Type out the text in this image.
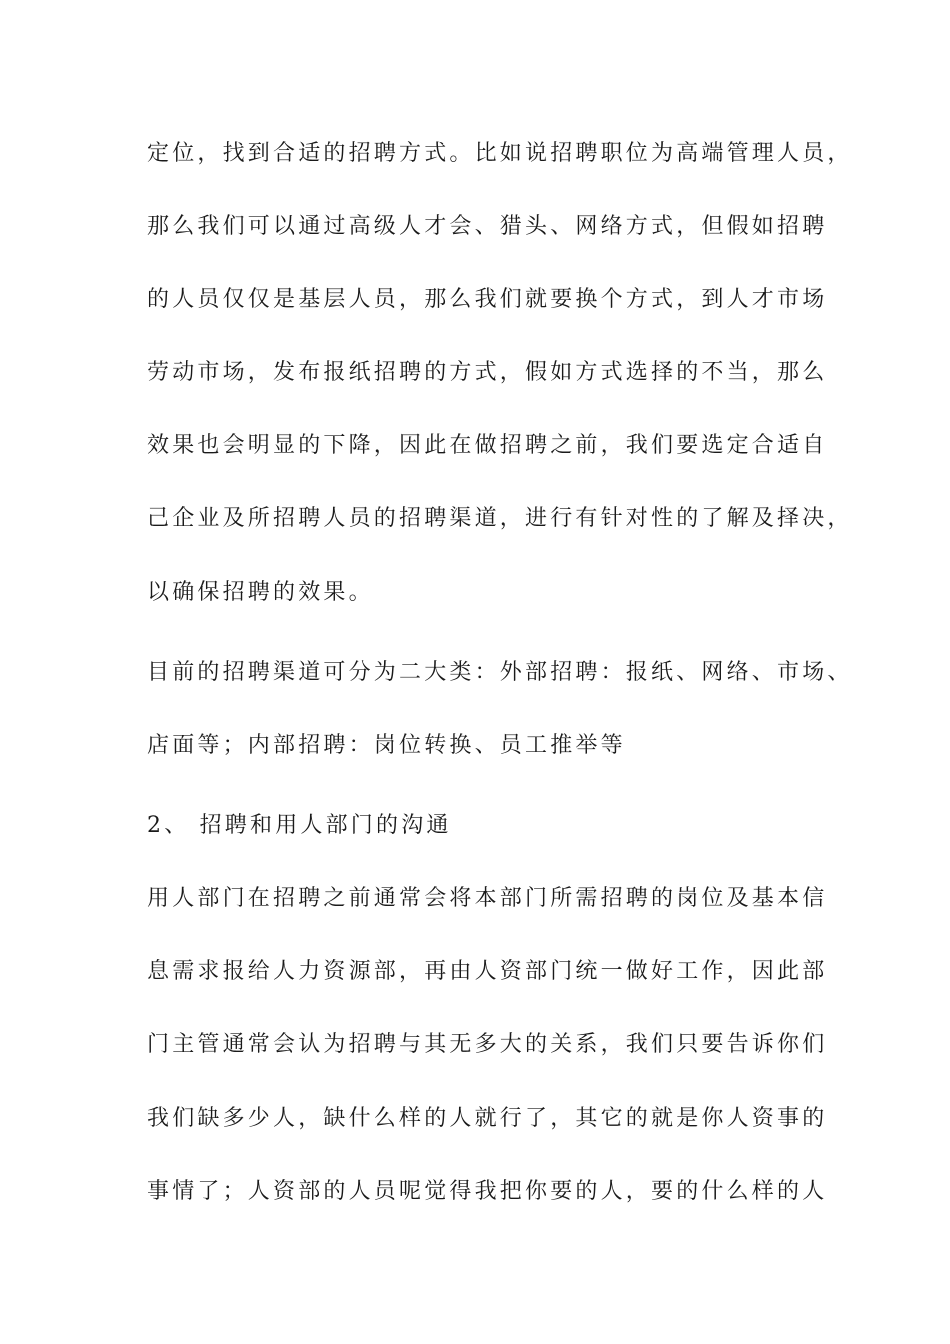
定位，找到合适的招聘方式。比如说招聘职位为高端管理人员，
那么我们可以通过高级人才会、猎头、网络方式，但假如招聘
的人员仅仅是基层人员，那么我们就要换个方式，到人才市场
劳动市场，发布报纸招聘的方式，假如方式选择的不当，那么
效果也会明显的下降，因此在做招聘之前，我们要选定合适自
己企业及所招聘人员的招聘渠道，进行有针对性的了解及择决，
以确保招聘的效果。
目前的招聘渠道可分为二大类：外部招聘：报纸、网络、市场、
店面等；内部招聘：岗位转换、员工推举等
2、 招聘和用人部门的沟通
用人部门在招聘之前通常会将本部门所需招聘的岗位及基本信
息需求报给人力资源部，再由人资部门统一做好工作，因此部
门主管通常会认为招聘与其无多大的关系，我们只要告诉你们
我们缺多少人，缺什么样的人就行了，其它的就是你人资事的
事情了；人资部的人员呢觉得我把你要的人，要的什么样的人
